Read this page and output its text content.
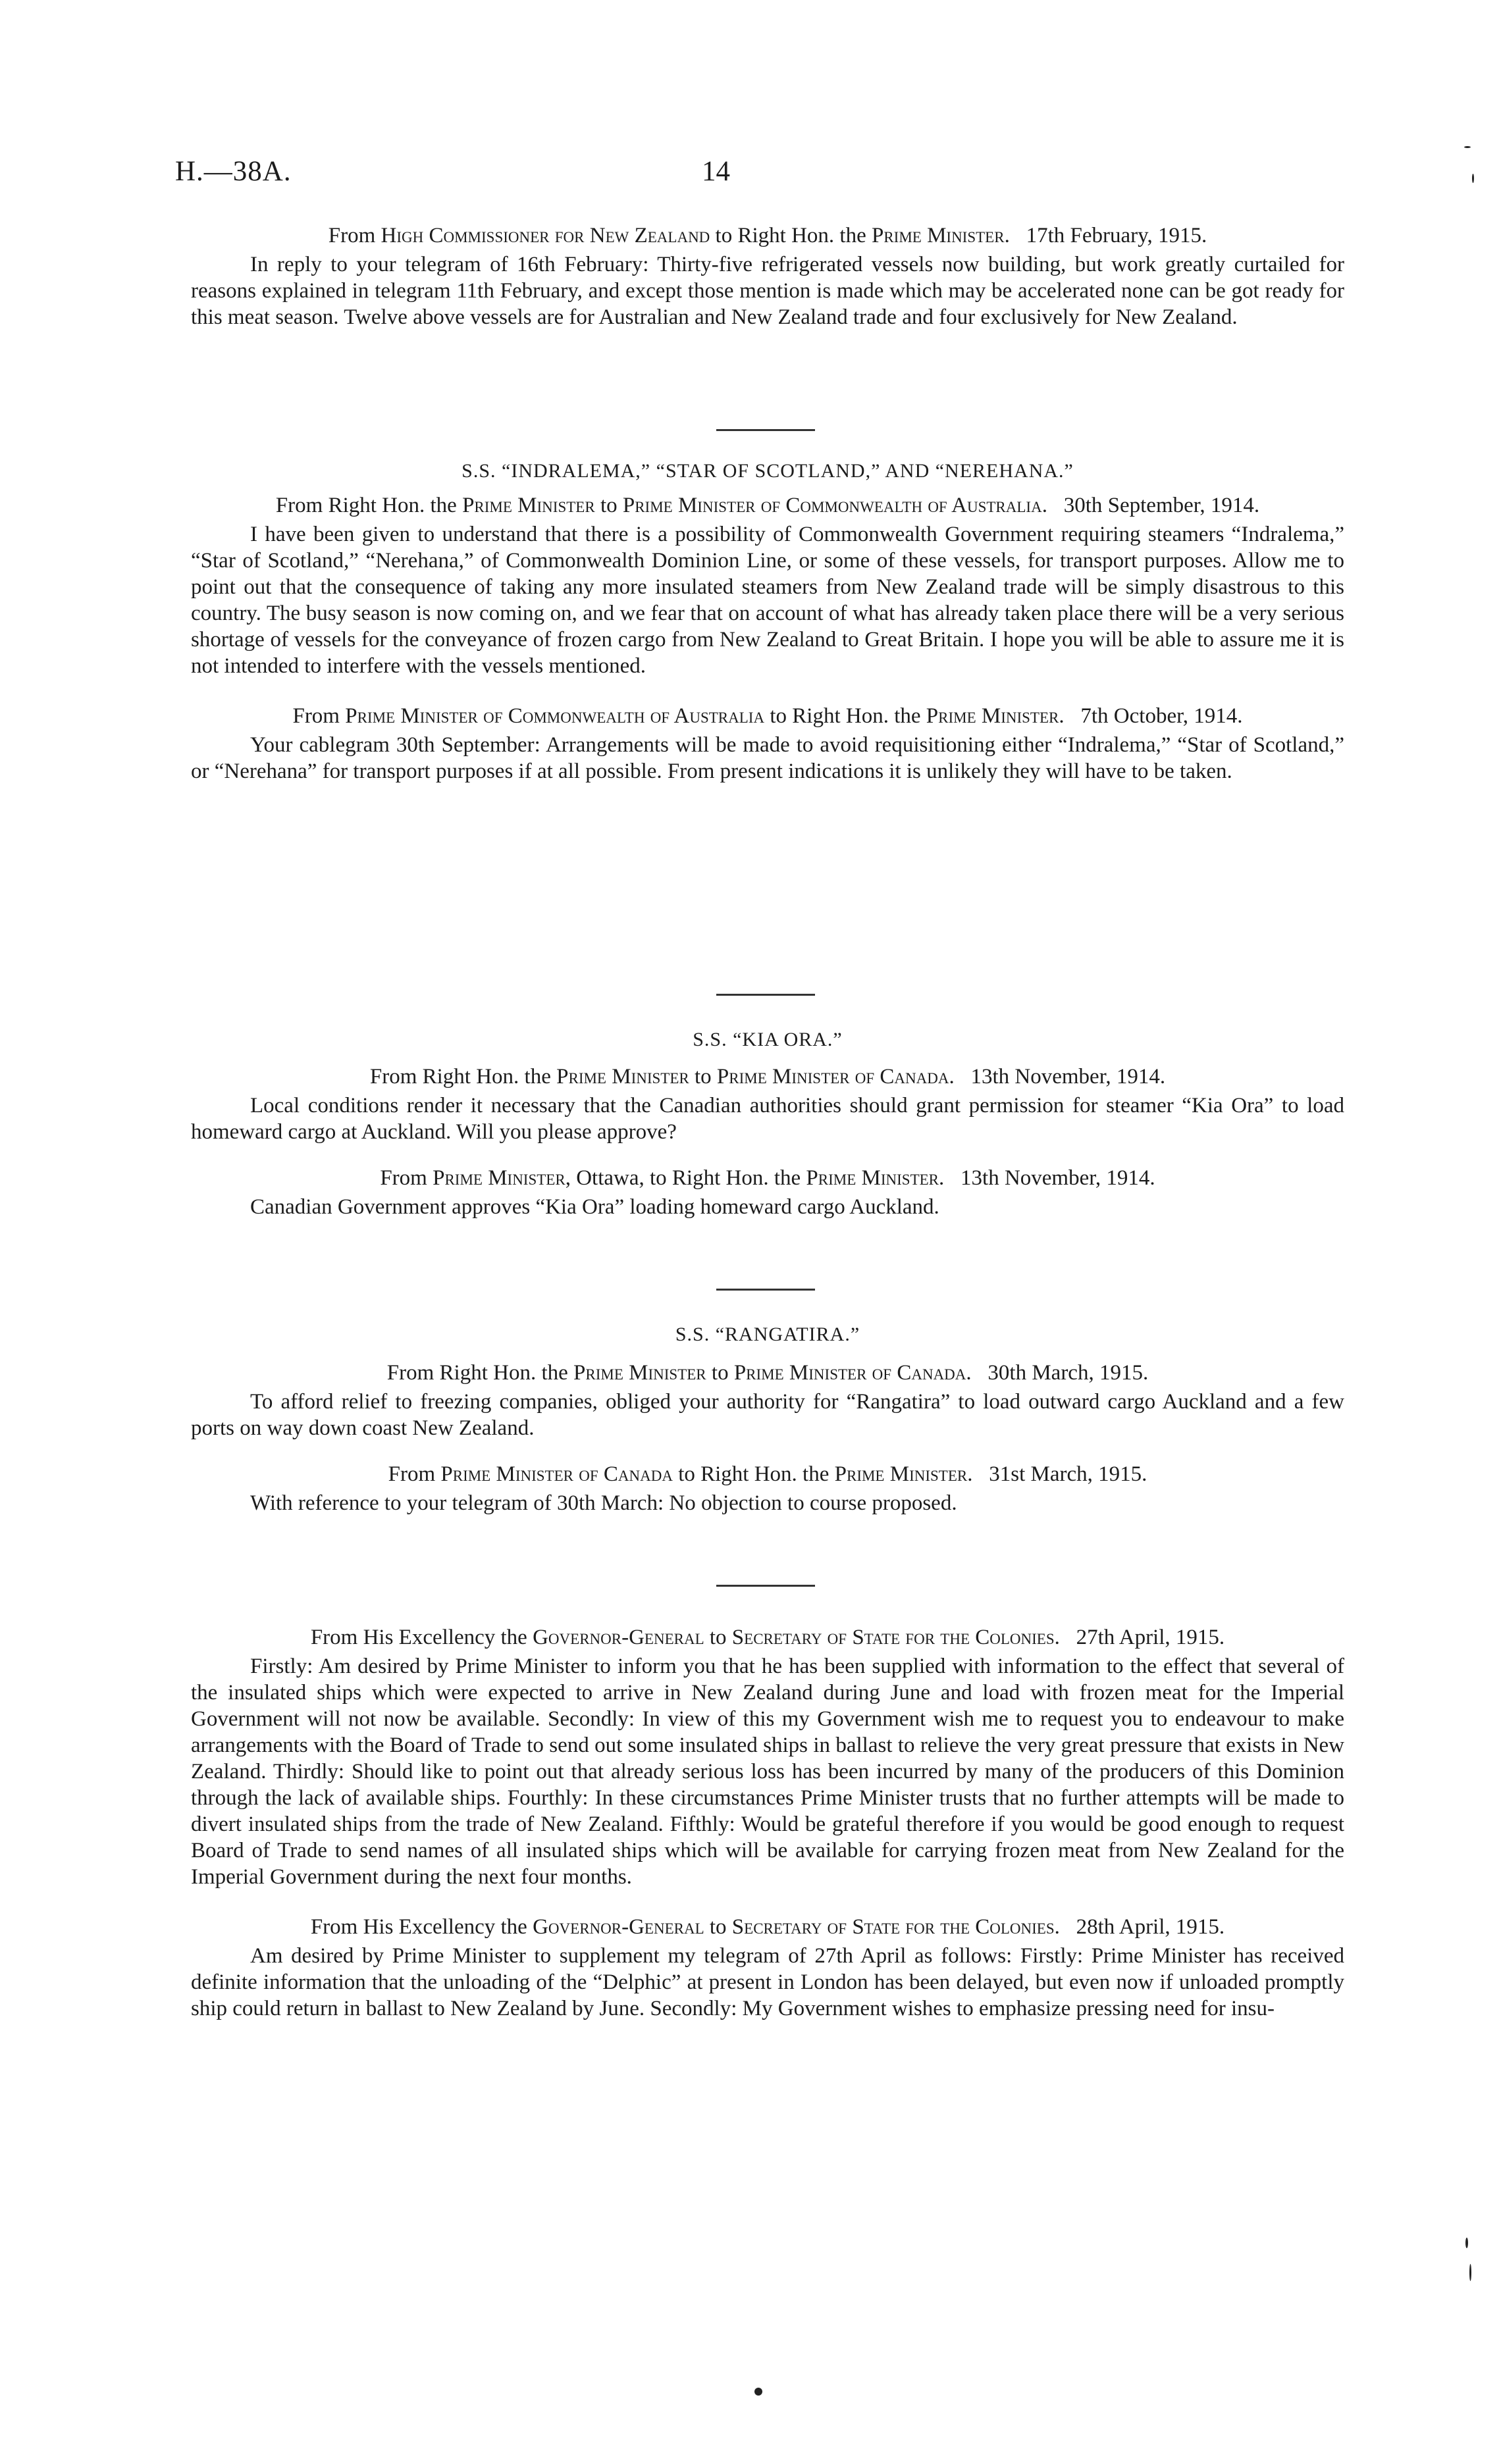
H.—38A.	14

From High Commissioner for New Zealand to Right Hon. the Prime Minister. 17th February, 1915.

In reply to your telegram of 16th February: Thirty-five refrigerated vessels now building, but work greatly curtailed for reasons explained in telegram 11th February, and except those mention is made which may be accelerated none can be got ready for this meat season. Twelve above vessels are for Australian and New Zealand trade and four exclusively for New Zealand.

S.S. “INDRALEMA,” “STAR OF SCOTLAND,” AND “NEREHANA.”

From Right Hon. the Prime Minister to Prime Minister of Commonwealth of Australia. 30th September, 1914.

I have been given to understand that there is a possibility of Commonwealth Government requiring steamers “Indralema,” “Star of Scotland,” “Nerehana,” of Commonwealth Dominion Line, or some of these vessels, for transport purposes. Allow me to point out that the consequence of taking any more insulated steamers from New Zealand trade will be simply disastrous to this country. The busy season is now coming on, and we fear that on account of what has already taken place there will be a very serious shortage of vessels for the conveyance of frozen cargo from New Zealand to Great Britain. I hope you will be able to assure me it is not intended to interfere with the vessels mentioned.

From Prime Minister of Commonwealth of Australia to Right Hon. the Prime Minister. 7th October, 1914.

Your cablegram 30th September: Arrangements will be made to avoid requisitioning either “Indralema,” “Star of Scotland,” or “Nerehana” for transport purposes if at all possible. From present indications it is unlikely they will have to be taken.

S.S. “KIA ORA.”

From Right Hon. the Prime Minister to Prime Minister of Canada. 13th November, 1914.

Local conditions render it necessary that the Canadian authorities should grant permission for steamer “Kia Ora” to load homeward cargo at Auckland. Will you please approve?

From Prime Minister, Ottawa, to Right Hon. the Prime Minister. 13th November, 1914.

Canadian Government approves “Kia Ora” loading homeward cargo Auckland.

S.S. “RANGATIRA.”

From Right Hon. the Prime Minister to Prime Minister of Canada. 30th March, 1915.

To afford relief to freezing companies, obliged your authority for “Rangatira” to load outward cargo Auckland and a few ports on way down coast New Zealand.

From Prime Minister of Canada to Right Hon. the Prime Minister. 31st March, 1915.

With reference to your telegram of 30th March: No objection to course proposed.

From His Excellency the Governor-General to Secretary of State for the Colonies. 27th April, 1915.

Firstly: Am desired by Prime Minister to inform you that he has been supplied with information to the effect that several of the insulated ships which were expected to arrive in New Zealand during June and load with frozen meat for the Imperial Government will not now be available. Secondly: In view of this my Government wish me to request you to endeavour to make arrangements with the Board of Trade to send out some insulated ships in ballast to relieve the very great pressure that exists in New Zealand. Thirdly: Should like to point out that already serious loss has been incurred by many of the producers of this Dominion through the lack of available ships. Fourthly: In these circumstances Prime Minister trusts that no further attempts will be made to divert insulated ships from the trade of New Zealand. Fifthly: Would be grateful therefore if you would be good enough to request Board of Trade to send names of all insulated ships which will be available for carrying frozen meat from New Zealand for the Imperial Government during the next four months.

From His Excellency the Governor-General to Secretary of State for the Colonies. 28th April, 1915.

Am desired by Prime Minister to supplement my telegram of 27th April as follows: Firstly: Prime Minister has received definite information that the unloading of the “Delphic” at present in London has been delayed, but even now if unloaded promptly ship could return in ballast to New Zealand by June. Secondly: My Government wishes to emphasize pressing need for insu-
